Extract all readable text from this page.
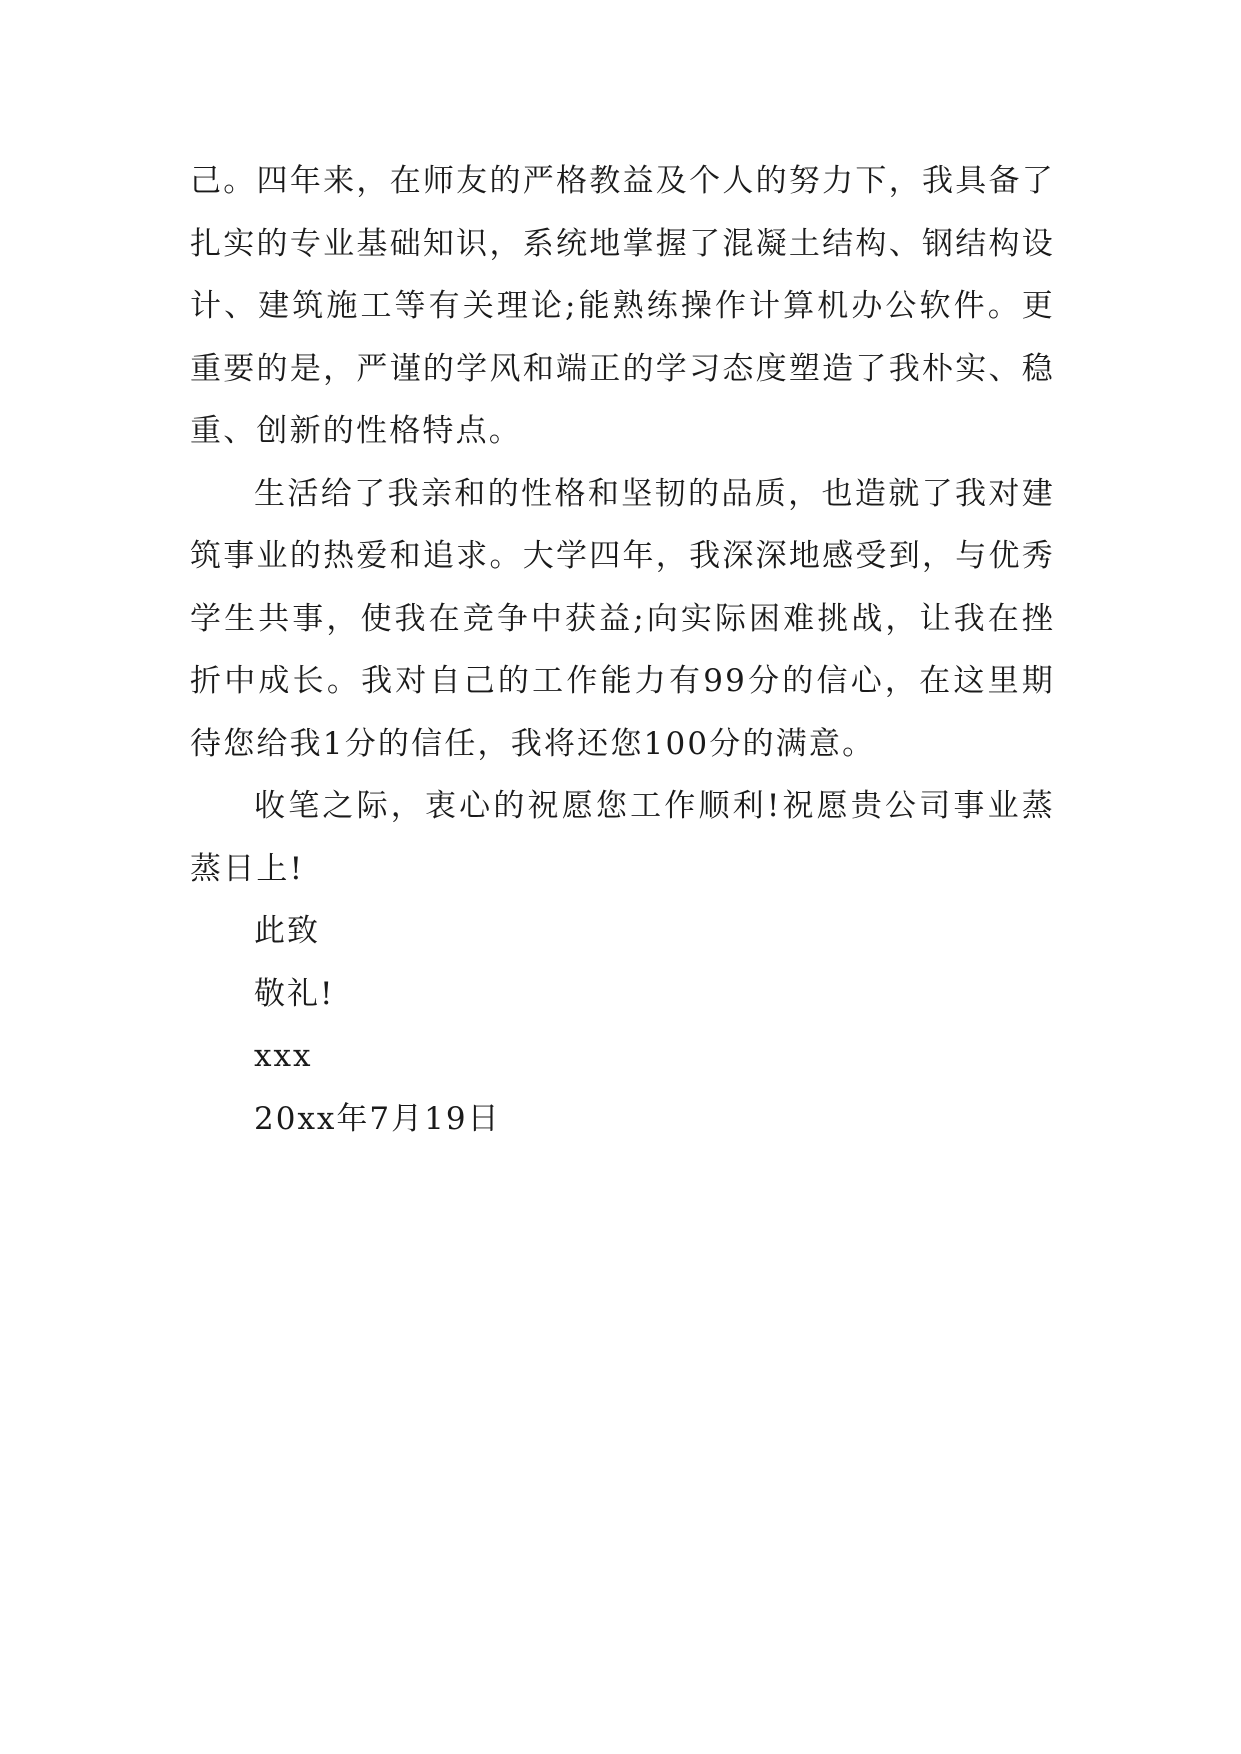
己。四年来，在师友的严格教益及个人的努力下，我具备了扎实的专业基础知识，系统地掌握了混凝土结构、钢结构设计、建筑施工等有关理论;能熟练操作计算机办公软件。更重要的是，严谨的学风和端正的学习态度塑造了我朴实、稳重、创新的性格特点。

生活给了我亲和的性格和坚韧的品质，也造就了我对建筑事业的热爱和追求。大学四年，我深深地感受到，与优秀学生共事，使我在竞争中获益;向实际困难挑战，让我在挫折中成长。我对自己的工作能力有99分的信心，在这里期待您给我1分的信任，我将还您100分的满意。

收笔之际，衷心的祝愿您工作顺利!祝愿贵公司事业蒸蒸日上!

此致

敬礼!

xxx

20xx年7月19日
